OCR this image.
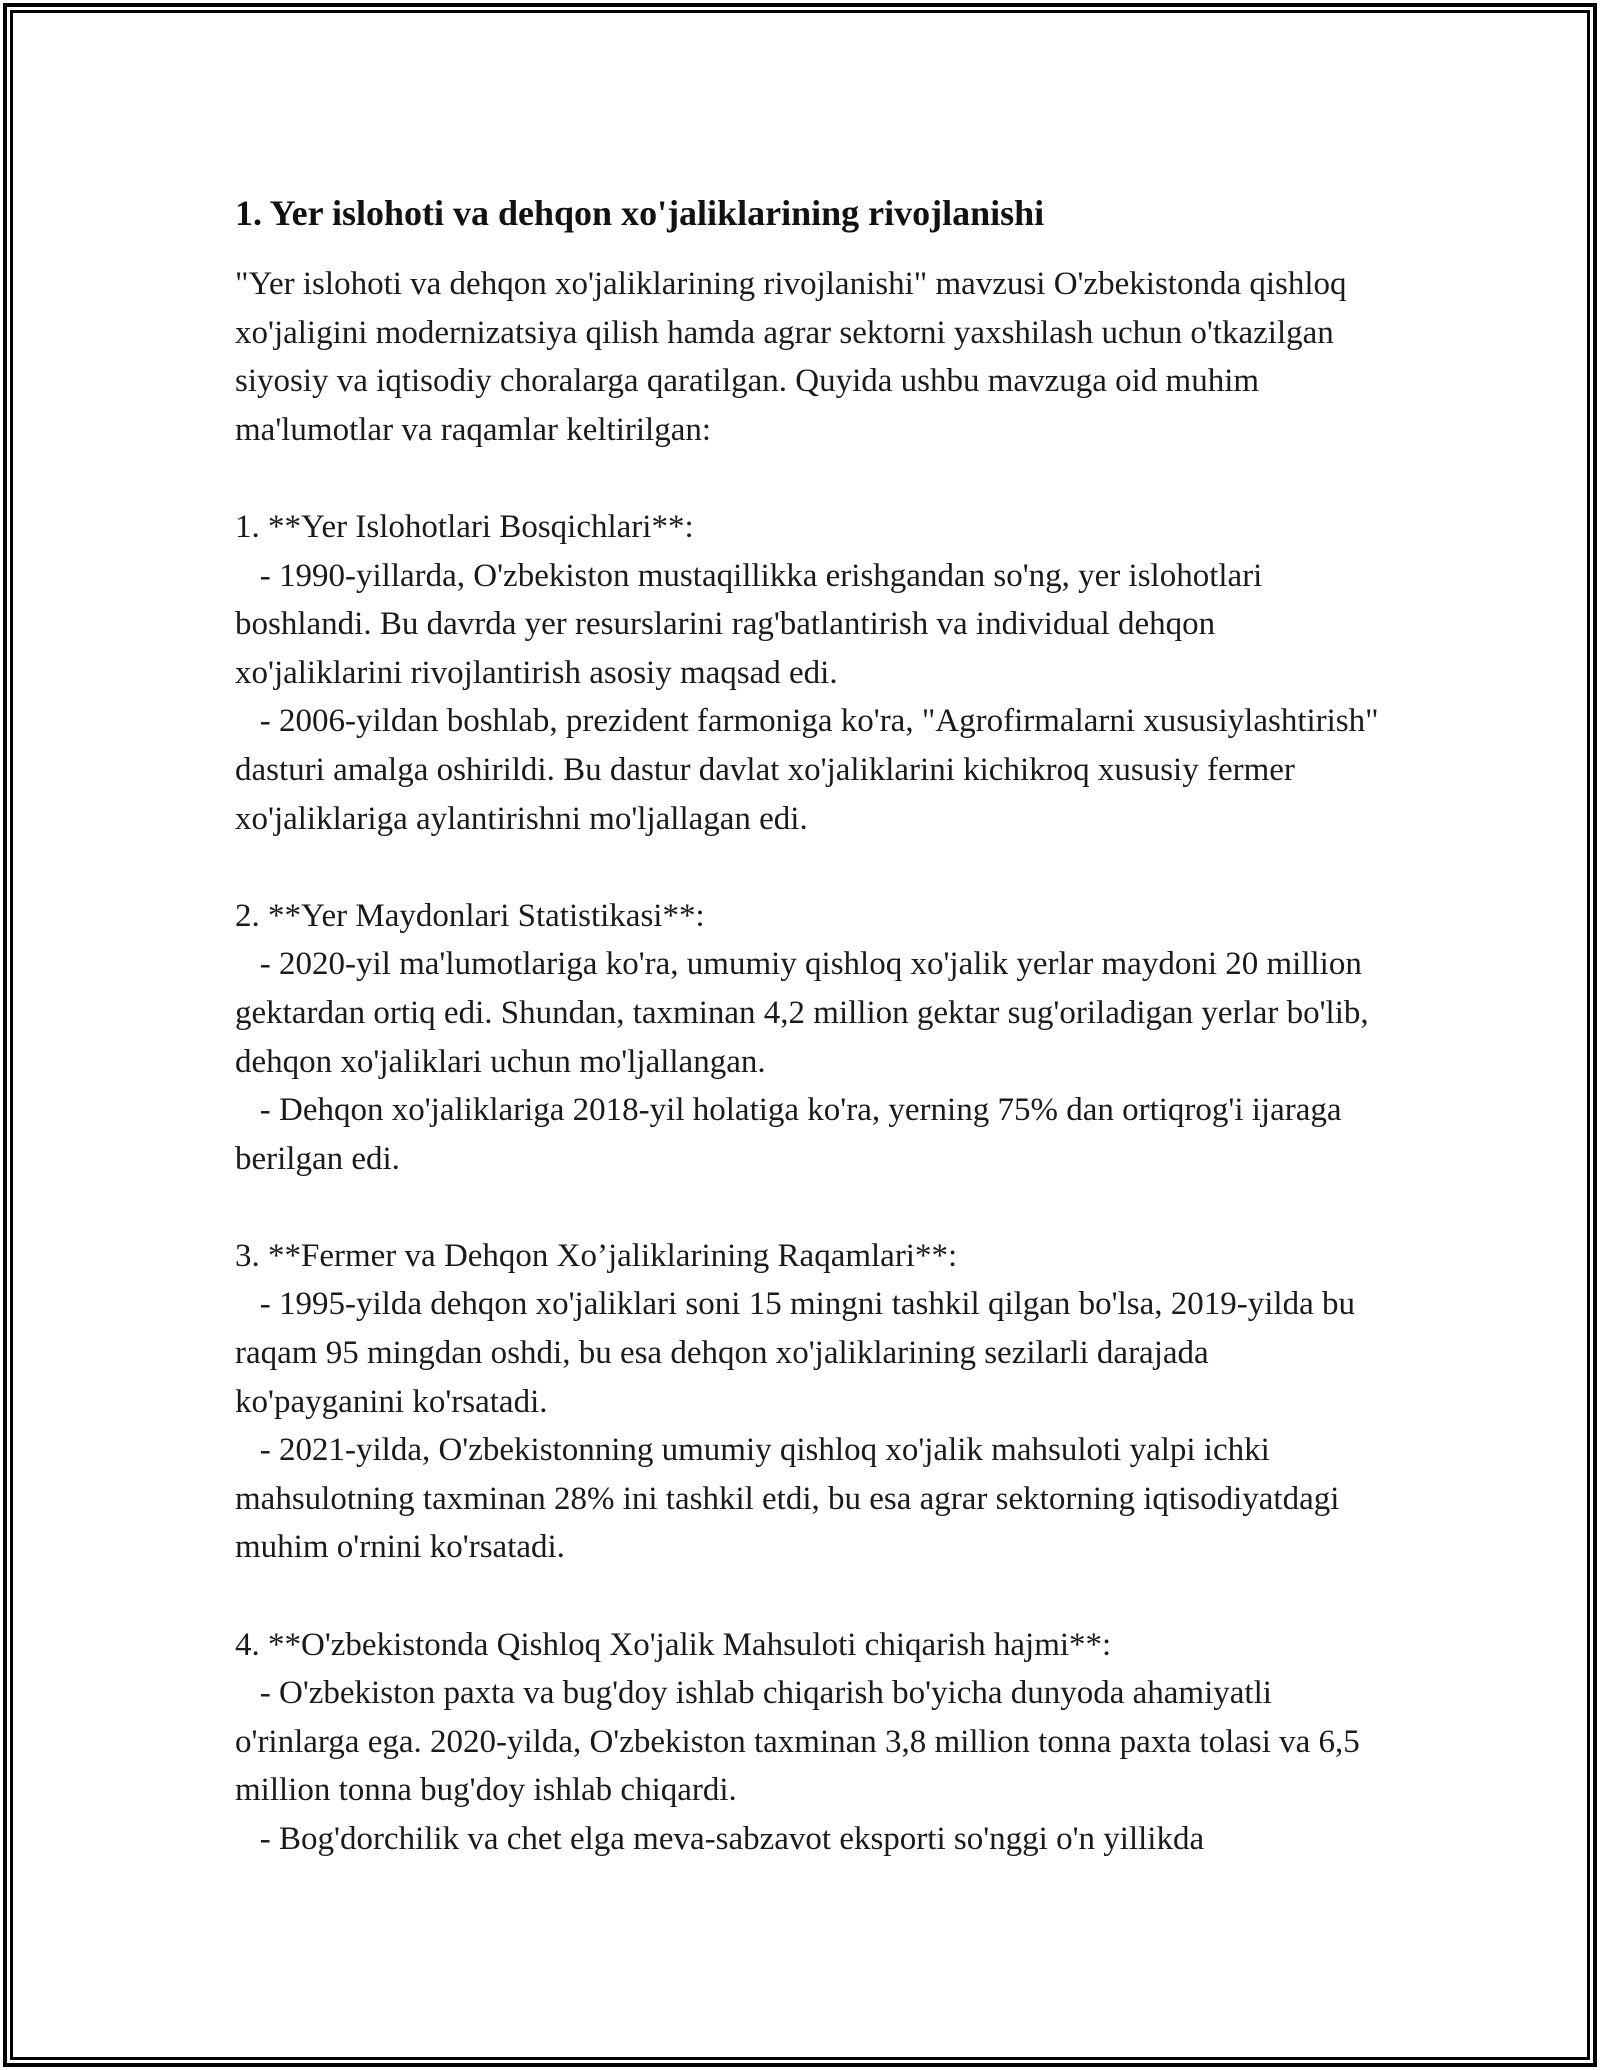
1. Yer islohoti va dehqon xo'jaliklarining rivojlanishi

"Yer islohoti va dehqon xo'jaliklarining rivojlanishi" mavzusi O'zbekistonda qishloq xo'jaligini modernizatsiya qilish hamda agrar sektorni yaxshilash uchun o'tkazilgan siyosiy va iqtisodiy choralarga qaratilgan. Quyida ushbu mavzuga oid muhim ma'lumotlar va raqamlar keltirilgan:

1. **Yer Islohotlari Bosqichlari**:

- 1990-yillarda, O'zbekiston mustaqillikka erishgandan so'ng, yer islohotlari boshlandi. Bu davrda yer resurslarini rag'batlantirish va individual dehqon xo'jaliklarini rivojlantirish asosiy maqsad edi.

- 2006-yildan boshlab, prezident farmoniga ko'ra, "Agrofirmalarni xususiylashtirish" dasturi amalga oshirildi. Bu dastur davlat xo'jaliklarini kichikroq xususiy fermer xo'jaliklariga aylantirishni mo'ljallagan edi.

2. **Yer Maydonlari Statistikasi**:

- 2020-yil ma'lumotlariga ko'ra, umumiy qishloq xo'jalik yerlar maydoni 20 million gektardan ortiq edi. Shundan, taxminan 4,2 million gektar sug'oriladigan yerlar bo'lib, dehqon xo'jaliklari uchun mo'ljallangan.

- Dehqon xo'jaliklariga 2018-yil holatiga ko'ra, yerning 75% dan ortiqrog'i ijaraga berilgan edi.

3. **Fermer va Dehqon Xo’jaliklarining Raqamlari**:

- 1995-yilda dehqon xo'jaliklari soni 15 mingni tashkil qilgan bo'lsa, 2019-yilda bu raqam 95 mingdan oshdi, bu esa dehqon xo'jaliklarining sezilarli darajada ko'payganini ko'rsatadi.

- 2021-yilda, O'zbekistonning umumiy qishloq xo'jalik mahsuloti yalpi ichki mahsulotning taxminan 28% ini tashkil etdi, bu esa agrar sektorning iqtisodiyatdagi muhim o'rnini ko'rsatadi.

4. **O'zbekistonda Qishloq Xo'jalik Mahsuloti chiqarish hajmi**:

- O'zbekiston paxta va bug'doy ishlab chiqarish bo'yicha dunyoda ahamiyatli o'rinlarga ega. 2020-yilda, O'zbekiston taxminan 3,8 million tonna paxta tolasi va 6,5 million tonna bug'doy ishlab chiqardi.

- Bog'dorchilik va chet elga meva-sabzavot eksporti so'nggi o'n yillikda
